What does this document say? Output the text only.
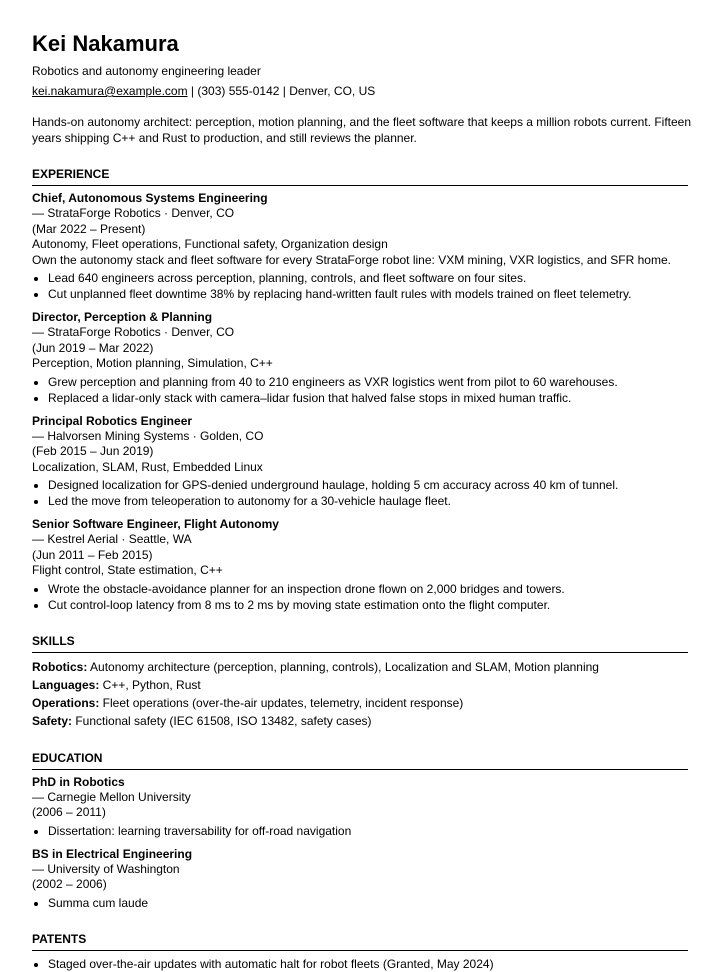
Kei Nakamura
Robotics and autonomy engineering leader
kei.nakamura@example.com | (303) 555-0142 | Denver, CO, US
Hands-on autonomy architect: perception, motion planning, and the fleet software that keeps a million robots current. Fifteen years shipping C++ and Rust to production, and still reviews the planner.
EXPERIENCE
Chief, Autonomous Systems Engineering
— StrataForge Robotics · Denver, CO
(Mar 2022 – Present)
Autonomy, Fleet operations, Functional safety, Organization design
Own the autonomy stack and fleet software for every StrataForge robot line: VXM mining, VXR logistics, and SFR home.
• Lead 640 engineers across perception, planning, controls, and fleet software on four sites.
• Cut unplanned fleet downtime 38% by replacing hand-written fault rules with models trained on fleet telemetry.
Director, Perception & Planning
— StrataForge Robotics · Denver, CO
(Jun 2019 – Mar 2022)
Perception, Motion planning, Simulation, C++
• Grew perception and planning from 40 to 210 engineers as VXR logistics went from pilot to 60 warehouses.
• Replaced a lidar-only stack with camera–lidar fusion that halved false stops in mixed human traffic.
Principal Robotics Engineer
— Halvorsen Mining Systems · Golden, CO
(Feb 2015 – Jun 2019)
Localization, SLAM, Rust, Embedded Linux
• Designed localization for GPS-denied underground haulage, holding 5 cm accuracy across 40 km of tunnel.
• Led the move from teleoperation to autonomy for a 30-vehicle haulage fleet.
Senior Software Engineer, Flight Autonomy
— Kestrel Aerial · Seattle, WA
(Jun 2011 – Feb 2015)
Flight control, State estimation, C++
• Wrote the obstacle-avoidance planner for an inspection drone flown on 2,000 bridges and towers.
• Cut control-loop latency from 8 ms to 2 ms by moving state estimation onto the flight computer.
SKILLS
Robotics: Autonomy architecture (perception, planning, controls), Localization and SLAM, Motion planning
Languages: C++, Python, Rust
Operations: Fleet operations (over-the-air updates, telemetry, incident response)
Safety: Functional safety (IEC 61508, ISO 13482, safety cases)
EDUCATION
PhD in Robotics
— Carnegie Mellon University
(2006 – 2011)
• Dissertation: learning traversability for off-road navigation
BS in Electrical Engineering
— University of Washington
(2002 – 2006)
• Summa cum laude
PATENTS
• Staged over-the-air updates with automatic halt for robot fleets (Granted, May 2024)
